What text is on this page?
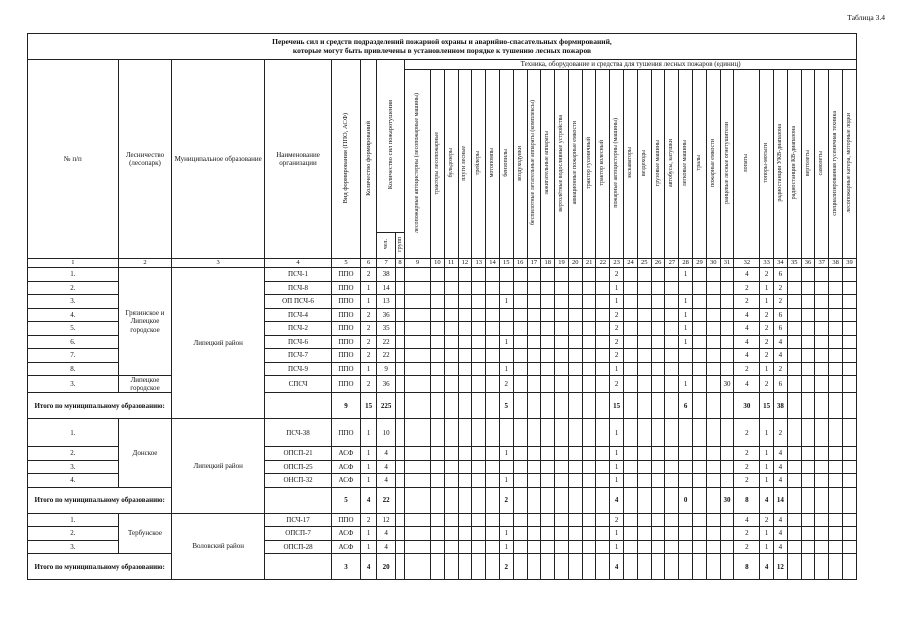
Таблица 3.4
Перечень сил и средств подразделений пожарной охраны и аварийно-спасательных формирований,
которые могут быть привлечены в установленном порядке к тушению лесных пожаров																																						
№ п/п	Лесничество (лесопарк)	Муниципальное образование	Наименование организации	Вид формирования (ППО, АСФ)	Количество формирований	Количество сил пожаротушения		Техника, оборудование и средства для тушения лесных пожаров (единиц)																														
								лесопожарные автоцистерны (лесопожарные машины)	тракторы лесопожарные	бульдозеры	плуги лесные	трейлеры	мотопомпы	бензопилы	воздуходувки	беспилотные летательные аппараты (комплексы)	зажигательные аппараты	вертолётные водосливные устройства	авиационные пожарные емкости	трактор гусеничный	трактор колесный	пожарные автоцистерны (машины)	экскаваторы	вездеходы	грузовые машины	автобусы, катушки	легковые машины	тралы	пожарные емкости	ранцевые лесные огнетушители	лопаты	топоры-мотыги	радиостанции УКВ-диапазона	радиостанции КВ-диапазона	вертолеты	самолеты	специализированная гусеничная техника	лесопожарные катера, моторные лодки
						чел.	групп																															
1	2	3	4	5	6	7	8	9	10	11	12	13	14	15	16	17	18	19	20	21	22	23	24	25	26	27	28	29	30	31	32	33	34	35	36	37	38	39
1.	Грязинское и Липецкое городское	Липецкий район	ПСЧ-1	ППО	2	38																2					1				4	2	6					
2.			ПСЧ-8	ППО	1	14																1									2	1	2					
3.			ОП ПСЧ-6	ППО	1	13								1								1					1				2	1	2					
4.			ПСЧ-4	ППО	2	36																2					1				4	2	6					
5.			ПСЧ-2	ППО	2	35																2					1				4	2	6					
6.			ПСЧ-6	ППО	2	22								1								2					1				4	2	4					
7.			ПСЧ-7	ППО	2	22																2									4	2	4					
8.			ПСЧ-9	ППО	1	9								1								1									2	1	2					
3.	Липецкое городское		СПСЧ	ППО	2	36								2								2					1			30	4	2	6					
Итого по муниципальному образованию:				9	15	225								5								15					6				30	15	38					
1.	Донское	Липецкий район	ПСЧ-38	ППО	1	10																1									2	1	2					
2.			ОПСП-21	АСФ	1	4								1								1									2	1	4					
3.			ОПСП-25	АСФ	1	4																1									2	1	4					
4.			ОНСП-32	АСФ	1	4								1								1									2	1	4					
Итого по муниципальному образованию:				5	4	22								2								4					0			30	8	4	14					
1.	Тербунское	Воловский район	ПСЧ-17	ППО	2	12																2									4	2	4					
2.			ОПСП-7	АСФ	1	4								1								1									2	1	4					
3.			ОПСП-28	АСФ	1	4								1								1									2	1	4					
Итого по муниципальному образованию:				3	4	20								2								4									8	4	12					
